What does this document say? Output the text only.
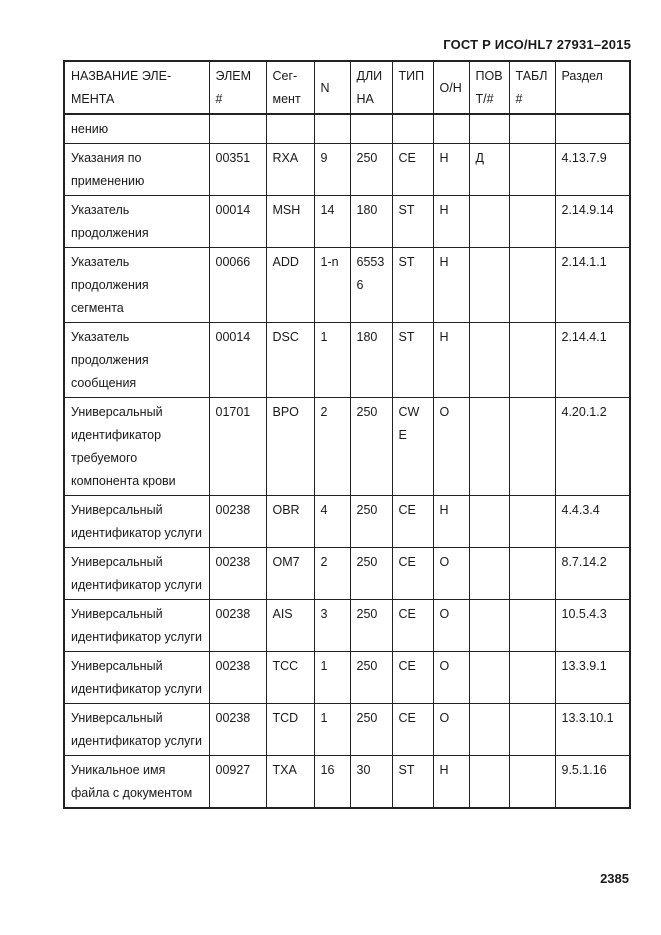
ГОСТ Р ИСО/HL7 27931–2015
НАЗВАНИЕ ЭЛЕ-МЕНТА	ЭЛЕМ #	Сег-мент	N	ДЛИНА	ТИП	О/Н	ПОВТ/#	ТАБЛ#	Раздел
нению									
Указания по применению	00351	RXA	9	250	CE	Н	Д		4.13.7.9
Указатель продолжения	00014	MSH	14	180	ST	Н			2.14.9.14
Указатель продолжения сегмента	00066	ADD	1-n	65536	ST	Н			2.14.1.1
Указатель продолжения сообщения	00014	DSC	1	180	ST	Н			2.14.4.1
Универсальный идентификатор требуемого компонента крови	01701	BPO	2	250	CWE	О			4.20.1.2
Универсальный идентификатор услуги	00238	OBR	4	250	CE	Н			4.4.3.4
Универсальный идентификатор услуги	00238	OM7	2	250	CE	О			8.7.14.2
Универсальный идентификатор услуги	00238	AIS	3	250	CE	О			10.5.4.3
Универсальный идентификатор услуги	00238	TCC	1	250	CE	О			13.3.9.1
Универсальный идентификатор услуги	00238	TCD	1	250	CE	О			13.3.10.1
Уникальное имя файла с документом	00927	TXA	16	30	ST	Н			9.5.1.16
2385
